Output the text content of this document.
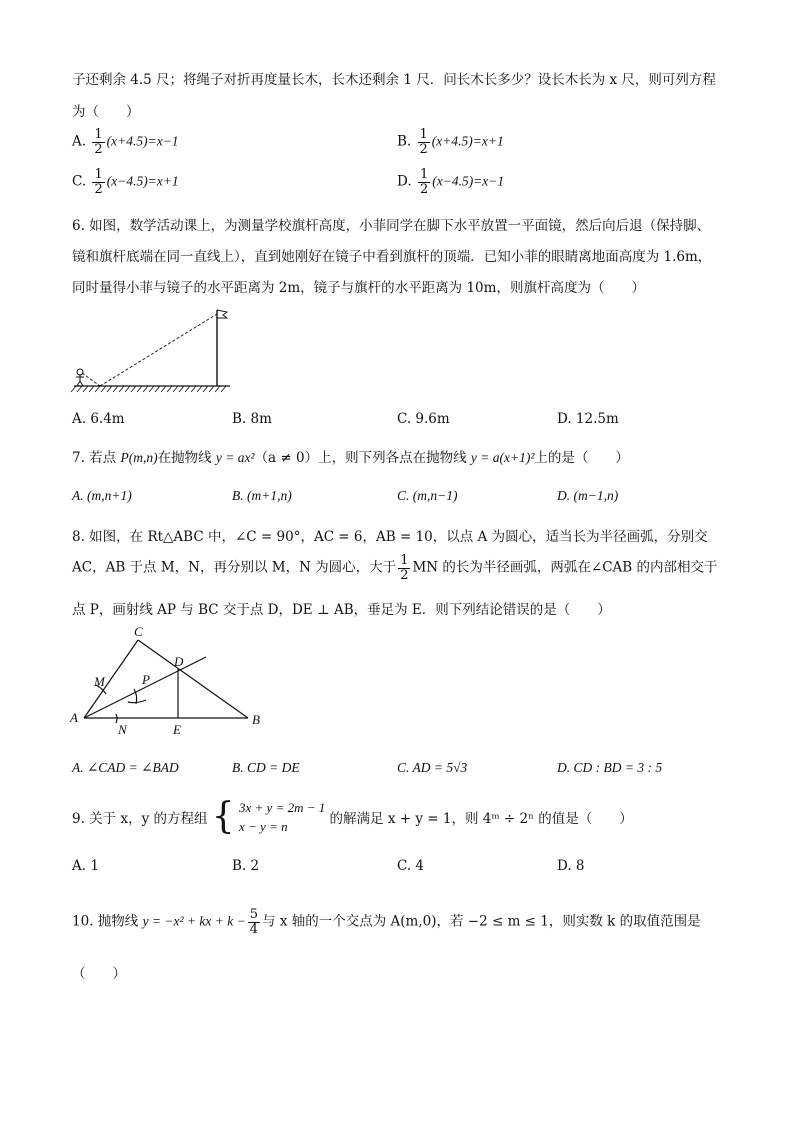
子还剩余 4.5 尺；将绳子对折再度量长木，长木还剩余 1 尺．问长木长多少？设长木长为 x 尺，则可列方程
为（　　）
A. $\frac{1}{2} (x+4.5)=x-1$	B. $\frac{1}{2} (x+4.5)=x+1$
C. $\frac{1}{2} (x-4.5)=x+1$	D. $\frac{1}{2} (x-4.5)=x-1$
6. 如图，数学活动课上，为测量学校旗杆高度，小菲同学在脚下水平放置一平面镜，然后向后退（保持脚、
镜和旗杆底端在同一直线上），直到她刚好在镜子中看到旗杆的顶端．已知小菲的眼睛离地面高度为 1.6m，
同时量得小菲与镜子的水平距离为 2m，镜子与旗杆的水平距离为 10m，则旗杆高度为（　　）
A. 6.4m	B. 8m	C. 9.6m	D. 12.5m
7. 若点 P(m,n)在抛物线 y = ax²（a ≠ 0）上，则下列各点在抛物线 y = a(x+1)²上的是（　　）
A. (m,n+1)	B. (m+1,n)	C. (m,n−1)	D. (m−1,n)
8. 如图，在 Rt△ABC 中，∠C = 90°，AC = 6，AB = 10，以点 A 为圆心，适当长为半径画弧，分别交
AC，AB 于点 M，N，再分别以 M，N 为圆心，大于 $\frac{1}{2}$ MN 的长为半径画弧，两弧在∠CAB 的内部相交于
点 P，画射线 AP 与 BC 交于点 D，DE ⊥ AB，垂足为 E．则下列结论错误的是（　　）
C
D
M	P
A
N	E
B
A. ∠CAD = ∠BAD	B. CD = DE	C. AD = 5√3	D. CD : BD = 3 : 5
9. 关于 x，y 的方程组 { 3x + y = 2m − 1
x − y = n	的解满足 x + y = 1，则 4ᵐ ÷ 2ⁿ 的值是（　　）
A. 1	B. 2	C. 4	D. 8
10. 抛物线 y = −x² + kx + $k - \frac{5}{4}$ 与 x 轴的一个交点为 A(m,0)，若 −2 ≤ m ≤ 1，则实数 k 的取值范围是
（　　）
